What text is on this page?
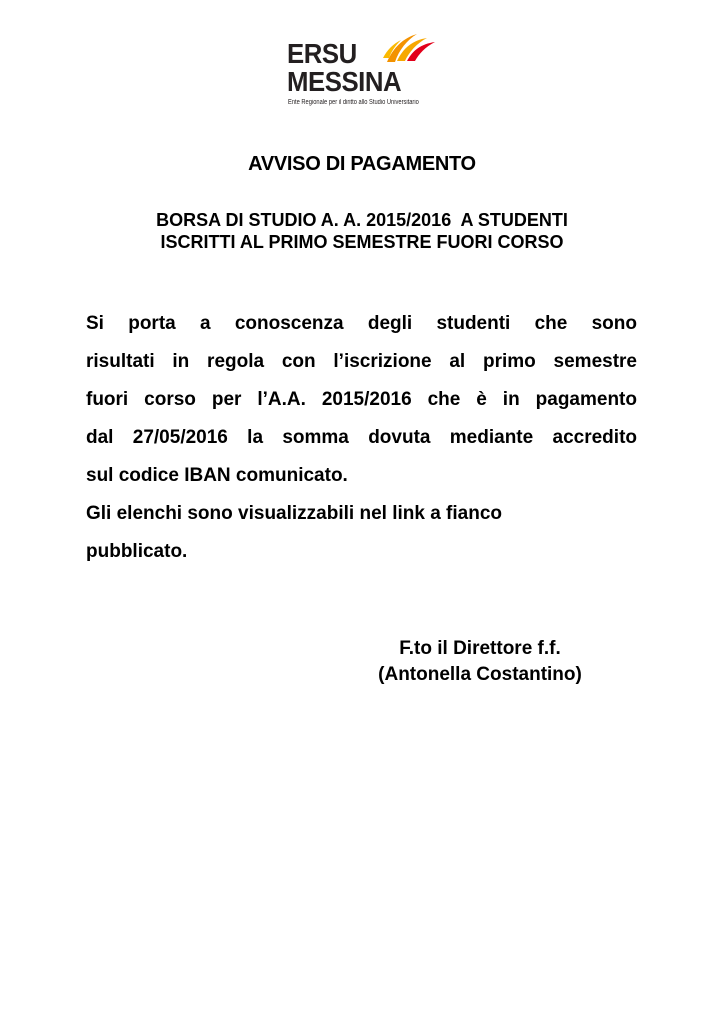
ERSU
MESSINA
Ente Regionale per il diritto allo Studio Universitario
AVVISO DI PAGAMENTO
BORSA DI STUDIO A. A. 2015/2016  A STUDENTI
ISCRITTI AL PRIMO SEMESTRE FUORI CORSO
Si porta a conoscenza degli studenti che sono
risultati in regola con l’iscrizione al primo semestre
fuori corso per l’A.A. 2015/2016 che è in pagamento
dal 27/05/2016 la somma dovuta mediante accredito
sul codice IBAN comunicato.
Gli elenchi sono visualizzabili nel link a fianco
pubblicato.
F.to il Direttore f.f.
(Antonella Costantino)
